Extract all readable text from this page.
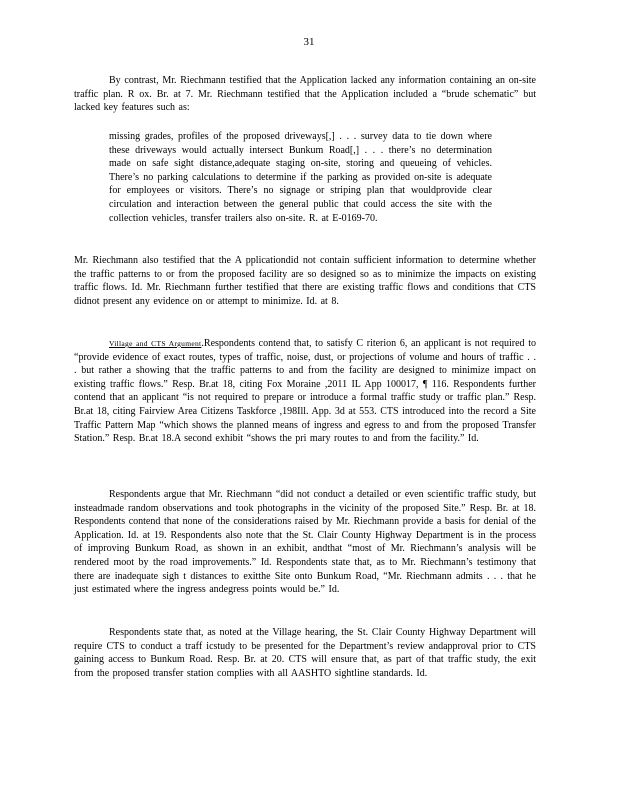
31

By contrast, Mr. Riechmann testified that the Application lacked any information containing an on-site traffic plan. R ox. Br. at 7. Mr. Riechmann testified that the Application included a “brude schematic” but lacked key features such as:

missing grades, profiles of the proposed driveways[,] . . . survey data to tie down where these driveways would actually intersect Bunkum Road[,] . . . there’s no determination made on safe sight distance,adequate staging on-site, storing and queueing of vehicles. There’s no parking calculations to determine if the parking as provided on-site is adequate for employees or visitors. There’s no signage or striping plan that wouldprovide clear circulation and interaction between the general public that could access the site with the collection vehicles, transfer trailers also on-site. R. at E-0169-70.

Mr. Riechmann also testified that the A pplicationdid not contain sufficient information to determine whether the traffic patterns to or from the proposed facility are so designed so as to minimize the impacts on existing traffic flows. Id. Mr. Riechmann further testified that there are existing traffic flows and conditions that CTS didnot present any evidence on or attempt to minimize. Id. at 8.

Village and CTS Argument.Respondents contend that, to satisfy C riterion 6, an applicant is not required to “provide evidence of exact routes, types of traffic, noise, dust, or projections of volume and hours of traffic . . . but rather a showing that the traffic patterns to and from the facility are designed to minimize impact on existing traffic flows.” Resp. Br.at 18, citing Fox Moraine ,2011 IL App 100017, ¶ 116. Respondents further contend that an applicant “is not required to prepare or introduce a formal traffic study or traffic plan.” Resp. Br.at 18, citing Fairview Area Citizens Taskforce ,198Ill. App. 3d at 553. CTS introduced into the record a Site Traffic Pattern Map “which shows the planned means of ingress and egress to and from the proposed Transfer Station.” Resp. Br.at 18.A second exhibit “shows the pri mary routes to and from the facility.” Id.

Respondents argue that Mr. Riechmann “did not conduct a detailed or even scientific traffic study, but insteadmade random observations and took photographs in the vicinity of the proposed Site.” Resp. Br. at 18. Respondents contend that none of the considerations raised by Mr. Riechmann provide a basis for denial of the Application. Id. at 19. Respondents also note that the St. Clair County Highway Department is in the process of improving Bunkum Road, as shown in an exhibit, andthat “most of Mr. Riechmann’s analysis will be rendered moot by the road improvements.” Id. Respondents state that, as to Mr. Riechmann’s testimony that there are inadequate sigh t distances to exitthe Site onto Bunkum Road, “Mr. Riechmann admits . . . that he just estimated where the ingress andegress points would be.” Id.

Respondents state that, as noted at the Village hearing, the St. Clair County Highway Department will require CTS to conduct a traff icstudy to be presented for the Department’s review andapproval prior to CTS gaining access to Bunkum Road. Resp. Br. at 20. CTS will ensure that, as part of that traffic study, the exit from the proposed transfer station complies with all AASHTO sightline standards. Id.
